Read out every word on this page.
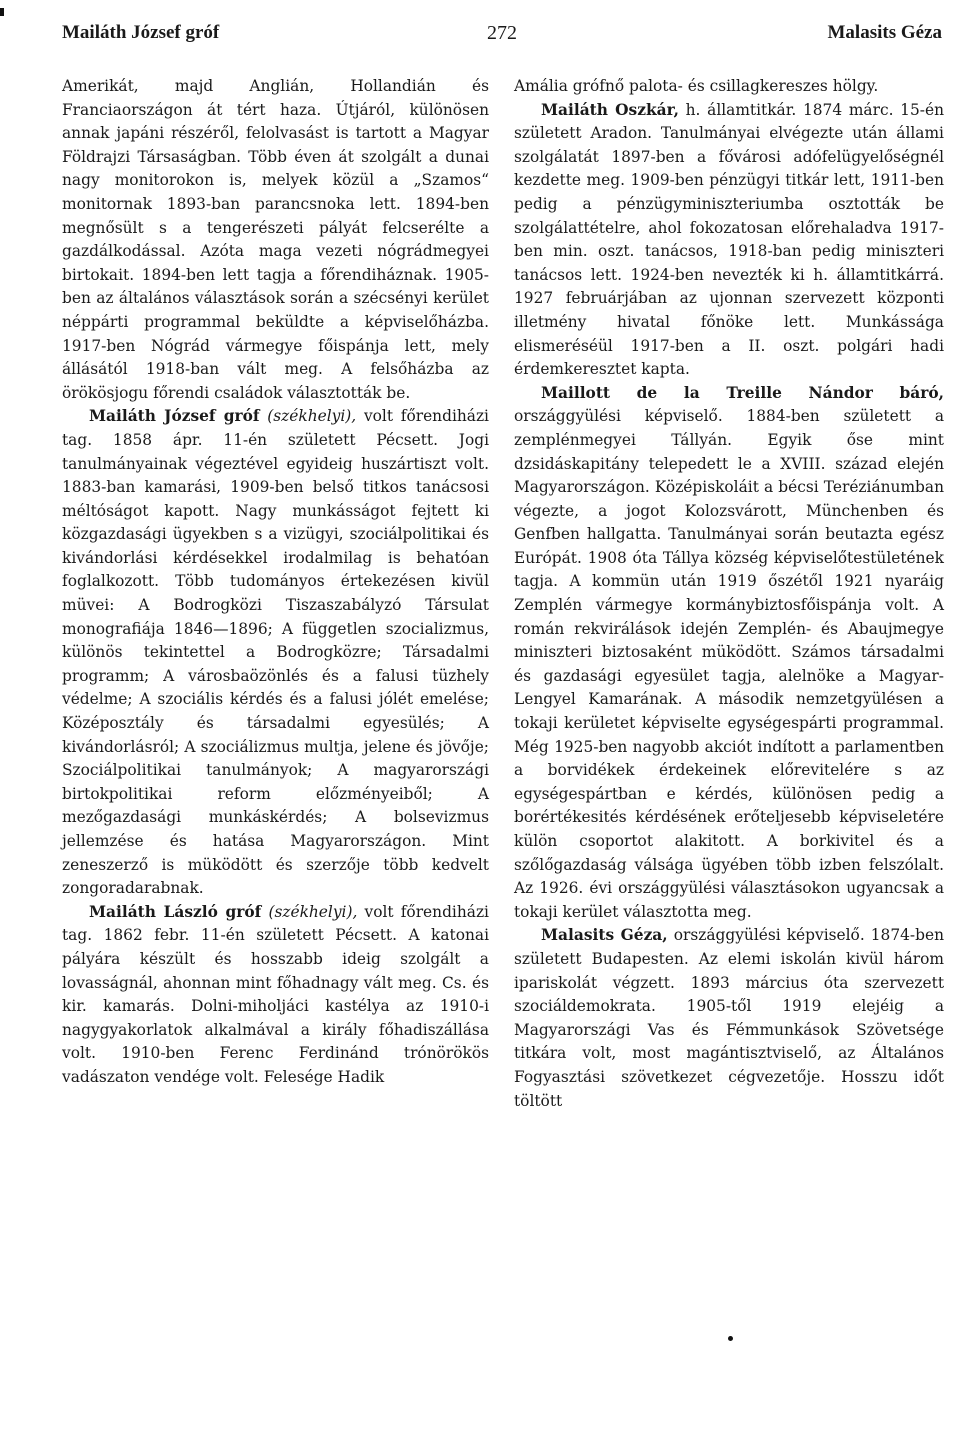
Mailáth József gróf	272	Malasits Géza

Amerikát, majd Anglián, Hollandián és Franciaországon át tért haza. Útjáról, különösen annak japáni részéről, felolvasást is tartott a Magyar Földrajzi Társaságban. Több éven át szolgált a dunai nagy monitorokon is, melyek közül a „Szamos“ monitornak 1893-ban parancsnoka lett. 1894-ben megnősült s a tengerészeti pályát felcserélte a gazdálkodással. Azóta maga vezeti nógrádmegyei birtokait. 1894-ben lett tagja a főrendiháznak. 1905-ben az általános választások során a szécsényi kerület néppárti programmal beküldte a képviselőházba. 1917-ben Nógrád vármegye főispánja lett, mely állásától 1918-ban vált meg. A felsőházba az örökösjogu főrendi családok választották be.

Mailáth József gróf (székhelyi), volt főrendiházi tag. 1858 ápr. 11-én született Pécsett. Jogi tanulmányainak végeztével egyideig huszártiszt volt. 1883-ban kamarási, 1909-ben belső titkos tanácsosi méltóságot kapott. Nagy munkásságot fejtett ki közgazdasági ügyekben s a vizügyi, szociálpolitikai és kivándorlási kérdésekkel irodalmilag is behatóan foglalkozott. Több tudományos értekezésen kivül müvei: A Bodrogközi Tiszaszabályzó Társulat monografiája 1846—1896; A független szocializmus, különös tekintettel a Bodrogközre; Társadalmi programm; A városbaözönlés és a falusi tüzhely védelme; A szociális kérdés és a falusi jólét emelése; Középosztály és társadalmi egyesülés; A kivándorlásról; A szociálizmus multja, jelene és jövője; Szociálpolitikai tanulmányok; A magyarországi birtokpolitikai reform előzményeiből; A mezőgazdasági munkáskérdés; A bolsevizmus jellemzése és hatása Magyarországon. Mint zeneszerző is müködött és szerzője több kedvelt zongoradarabnak.

Mailáth László gróf (székhelyi), volt főrendiházi tag. 1862 febr. 11-én született Pécsett. A katonai pályára készült és hosszabb ideig szolgált a lovasságnál, ahonnan mint főhadnagy vált meg. Cs. és kir. kamarás. Dolni-miholjáci kastélya az 1910-i nagygyakorlatok alkalmával a király főhadiszállása volt. 1910-ben Ferenc Ferdinánd trónörökös vadászaton vendége volt. Felesége Hadik

Amália grófnő palota- és csillagkereszes hölgy.

Mailáth Oszkár, h. államtitkár. 1874 márc. 15-én született Aradon. Tanulmányai elvégezte után állami szolgálatát 1897-ben a fővárosi adófelügyelőségnél kezdette meg. 1909-ben pénzügyi titkár lett, 1911-ben pedig a pénzügyminiszteriumba osztották be szolgálattételre, ahol fokozatosan előrehaladva 1917-ben min. oszt. tanácsos, 1918-ban pedig miniszteri tanácsos lett. 1924-ben nevezték ki h. államtitkárrá. 1927 februárjában az ujonnan szervezett központi illetmény hivatal főnöke lett. Munkássága elismeréséül 1917-ben a II. oszt. polgári hadi érdemkeresztet kapta.

Maillott de la Treille Nándor báró, országgyülési képviselő. 1884-ben született a zemplénmegyei Tállyán. Egyik őse mint dzsidáskapitány telepedett le a XVIII. század elején Magyarországon. Középiskoláit a bécsi Teréziánumban végezte, a jogot Kolozsvárott, Münchenben és Genfben hallgatta. Tanulmányai során beutazta egész Európát. 1908 óta Tállya község képviselőtestületének tagja. A kommün után 1919 őszétől 1921 nyaráig Zemplén vármegye kormánybiztosfőispánja volt. A román rekvirálások idején Zemplén- és Abaujmegye miniszteri biztosaként müködött. Számos társadalmi és gazdasági egyesület tagja, alelnöke a Magyar-Lengyel Kamarának. A második nemzetgyülésen a tokaji kerületet képviselte egységespárti programmal. Még 1925-ben nagyobb akciót indított a parlamentben a borvidékek érdekeinek előrevitelére s az egységespártban e kérdés, különösen pedig a borértékesités kérdésének erőteljesebb képviseletére külön csoportot alakitott. A borkivitel és a szőlőgazdaság válsága ügyében több izben felszólalt. Az 1926. évi országgyülési választásokon ugyancsak a tokaji kerület választotta meg.

Malasits Géza, országgyülési képviselő. 1874-ben született Budapesten. Az elemi iskolán kivül három ipariskolát végzett. 1893 március óta szervezett szociáldemokrata. 1905-től 1919 elejéig a Magyarországi Vas és Fémmunkások Szövetsége titkára volt, most magántisztviselő, az Általános Fogyasztási szövetkezet cégvezetője. Hosszu időt töltött
